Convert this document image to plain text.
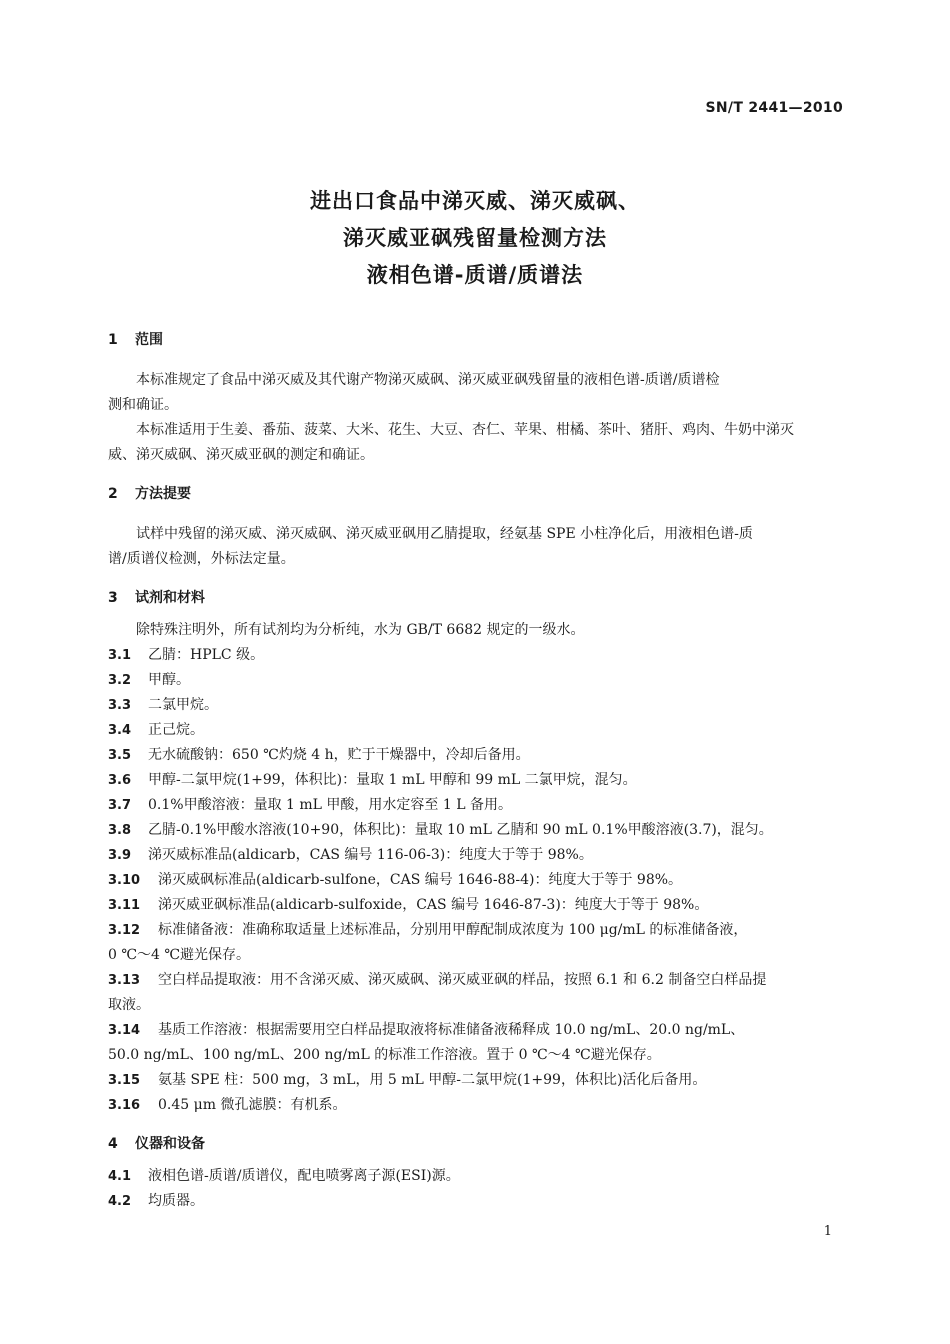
SN/T 2441—2010
进出口食品中涕灭威、涕灭威砜、
涕灭威亚砜残留量检测方法
液相色谱-质谱/质谱法
1 范围
本标准规定了食品中涕灭威及其代谢产物涕灭威砜、涕灭威亚砜残留量的液相色谱-质谱/质谱检
测和确证。
本标准适用于生姜、番茄、菠菜、大米、花生、大豆、杏仁、苹果、柑橘、茶叶、猪肝、鸡肉、牛奶中涕灭
威、涕灭威砜、涕灭威亚砜的测定和确证。
2 方法提要
试样中残留的涕灭威、涕灭威砜、涕灭威亚砜用乙腈提取，经氨基 SPE 小柱净化后，用液相色谱-质
谱/质谱仪检测，外标法定量。
3 试剂和材料
除特殊注明外，所有试剂均为分析纯，水为 GB/T 6682 规定的一级水。
3.1 乙腈：HPLC 级。
3.2 甲醇。
3.3 二氯甲烷。
3.4 正己烷。
3.5 无水硫酸钠：650 ℃灼烧 4 h，贮于干燥器中，冷却后备用。
3.6 甲醇-二氯甲烷(1+99，体积比)：量取 1 mL 甲醇和 99 mL 二氯甲烷，混匀。
3.7 0.1%甲酸溶液：量取 1 mL 甲酸，用水定容至 1 L 备用。
3.8 乙腈-0.1%甲酸水溶液(10+90，体积比)：量取 10 mL 乙腈和 90 mL 0.1%甲酸溶液(3.7)，混匀。
3.9 涕灭威标准品(aldicarb，CAS 编号 116-06-3)：纯度大于等于 98%。
3.10 涕灭威砜标准品(aldicarb-sulfone，CAS 编号 1646-88-4)：纯度大于等于 98%。
3.11 涕灭威亚砜标准品(aldicarb-sulfoxide，CAS 编号 1646-87-3)：纯度大于等于 98%。
3.12 标准储备液：准确称取适量上述标准品，分别用甲醇配制成浓度为 100 μg/mL 的标准储备液，
0 ℃～4 ℃避光保存。
3.13 空白样品提取液：用不含涕灭威、涕灭威砜、涕灭威亚砜的样品，按照 6.1 和 6.2 制备空白样品提
取液。
3.14 基质工作溶液：根据需要用空白样品提取液将标准储备液稀释成 10.0 ng/mL、20.0 ng/mL、
50.0 ng/mL、100 ng/mL、200 ng/mL 的标准工作溶液。置于 0 ℃～4 ℃避光保存。
3.15 氨基 SPE 柱：500 mg，3 mL，用 5 mL 甲醇-二氯甲烷(1+99，体积比)活化后备用。
3.16 0.45 μm 微孔滤膜：有机系。
4 仪器和设备
4.1 液相色谱-质谱/质谱仪，配电喷雾离子源(ESI)源。
4.2 均质器。
1
